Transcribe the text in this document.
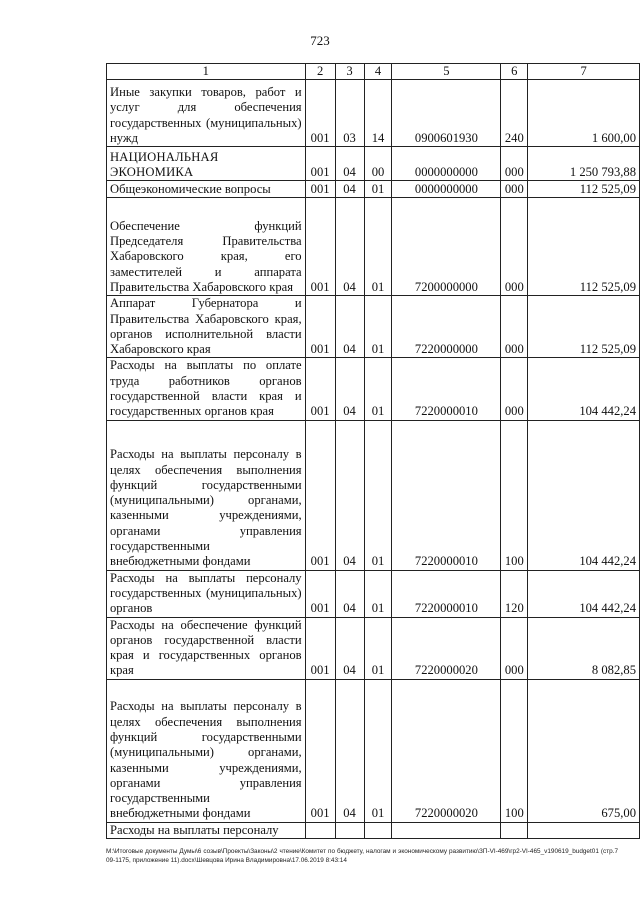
723
1	2	3	4	5	6	7
Иные закупки товаров, работ и услуг для обеспечения государственных (муниципальных) нужд	001	03	14	0900601930	240	1 600,00
НАЦИОНАЛЬНАЯ ЭКОНОМИКА	001	04	00	0000000000	000	1 250 793,88
Общеэкономические вопросы	001	04	01	0000000000	000	112 525,09
Обеспечение функций Председателя Правительства Хабаровского края, его заместителей и аппарата Правительства Хабаровского края	001	04	01	7200000000	000	112 525,09
Аппарат Губернатора и Правительства Хабаровского края, органов исполнительной власти Хабаровского края	001	04	01	7220000000	000	112 525,09
Расходы на выплаты по оплате труда работников органов государственной власти края и государственных органов края	001	04	01	7220000010	000	104 442,24
Расходы на выплаты персоналу в целях обеспечения выполнения функций государственными (муниципальными) органами, казенными учреждениями, органами управления государственными внебюджетными фондами	001	04	01	7220000010	100	104 442,24
Расходы на выплаты персоналу государственных (муниципальных) органов	001	04	01	7220000010	120	104 442,24
Расходы на обеспечение функций органов государственной власти края и государственных органов края	001	04	01	7220000020	000	8 082,85
Расходы на выплаты персоналу в целях обеспечения выполнения функций государственными (муниципальными) органами, казенными учреждениями, органами управления государственными внебюджетными фондами	001	04	01	7220000020	100	675,00
Расходы на выплаты персоналу						
M:\Итоговые документы Думы\6 созыв\Проекты\Законы\2 чтение\Комитет по бюджету, налогам и экономическому развитию\ЗП-VI-469\гр2-VI-465_v190619_budget01 (стр.709-1175, приложение 11).docx\Шевцова Ирина Владимировна\17.06.2019 8:43:14
